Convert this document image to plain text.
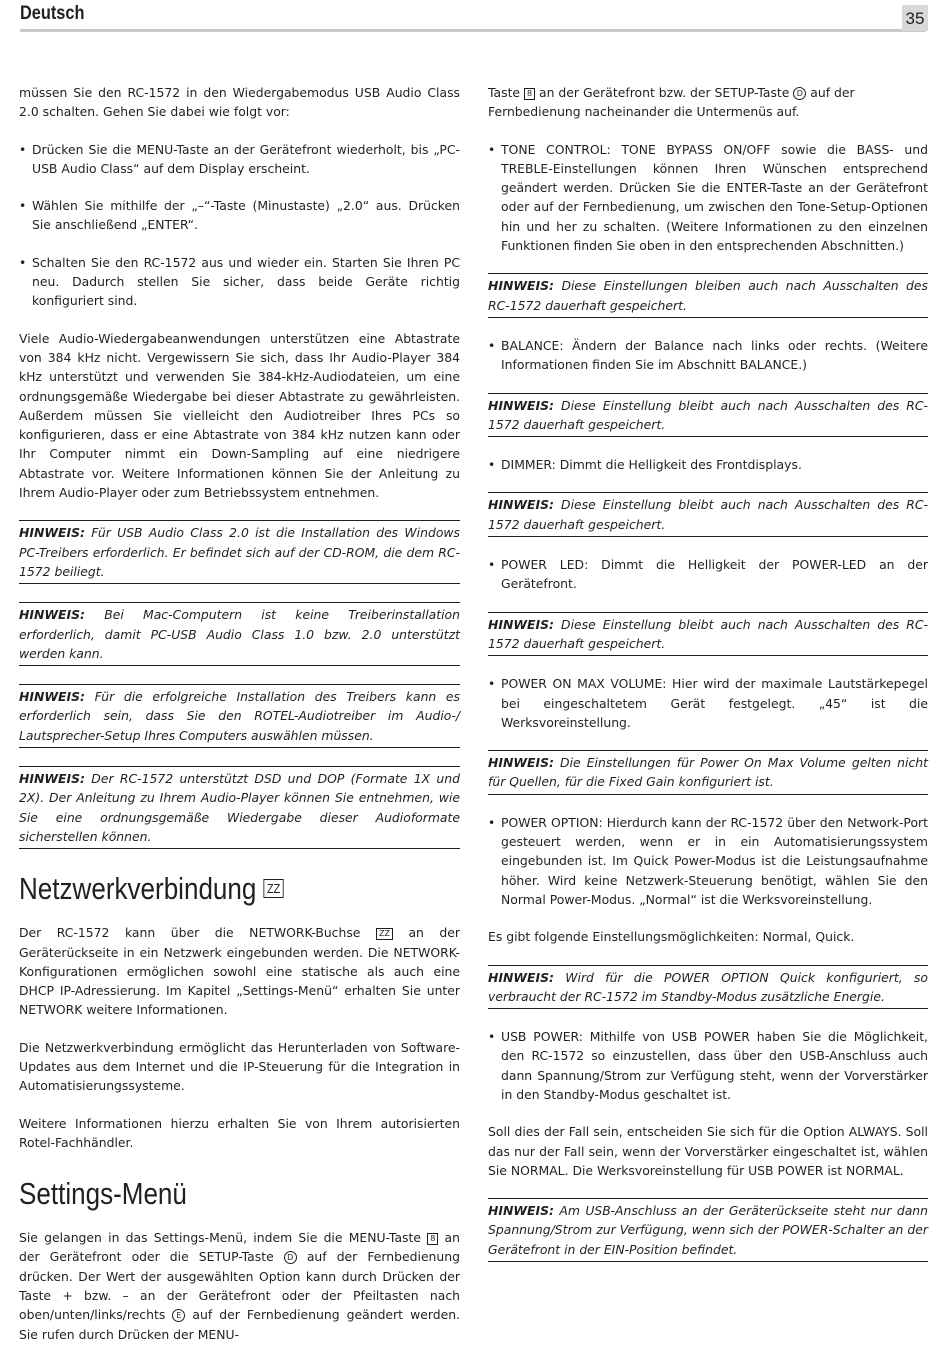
Deutsch	35

müssen Sie den RC-1572 in den Wiedergabemodus USB Audio Class 2.0 schalten. Gehen Sie dabei wie folgt vor:

• Drücken Sie die MENU-Taste an der Gerätefront wiederholt, bis „PC-USB Audio Class“ auf dem Display erscheint.
• Wählen Sie mithilfe der „–“-Taste (Minustaste) „2.0“ aus. Drücken Sie anschließend „ENTER“.
• Schalten Sie den RC-1572 aus und wieder ein. Starten Sie Ihren PC neu. Dadurch stellen Sie sicher, dass beide Geräte richtig konfiguriert sind.

Viele Audio-Wiedergabeanwendungen unterstützen eine Abtastrate von 384 kHz nicht. Vergewissern Sie sich, dass Ihr Audio-Player 384 kHz unterstützt und verwenden Sie 384-kHz-Audiodateien, um eine ordnungsgemäße Wiedergabe bei dieser Abtastrate zu gewährleisten. Außerdem müssen Sie vielleicht den Audiotreiber Ihres PCs so konfigurieren, dass er eine Abtastrate von 384 kHz nutzen kann oder Ihr Computer nimmt ein Down-Sampling auf eine niedrigere Abtastrate vor. Weitere Informationen können Sie der Anleitung zu Ihrem Audio-Player oder zum Betriebssystem entnehmen.

HINWEIS: Für USB Audio Class 2.0 ist die Installation des Windows PC-Treibers erforderlich. Er befindet sich auf der CD-ROM, die dem RC-1572 beiliegt.
HINWEIS: Bei Mac-Computern ist keine Treiberinstallation erforderlich, damit PC-USB Audio Class 1.0 bzw. 2.0 unterstützt werden kann.
HINWEIS: Für die erfolgreiche Installation des Treibers kann es erforderlich sein, dass Sie den ROTEL-Audiotreiber im Audio-/ Lautsprecher-Setup Ihres Computers auswählen müssen.
HINWEIS: Der RC-1572 unterstützt DSD und DOP (Formate 1X und 2X). Der Anleitung zu Ihrem Audio-Player können Sie entnehmen, wie Sie eine ordnungsgemäße Wiedergabe dieser Audioformate sicherstellen können.
Netzwerkverbindung ZZ

Der RC-1572 kann über die NETWORK-Buchse ZZ an der Geräterückseite in ein Netzwerk eingebunden werden. Die NETWORK-Konfigurationen ermöglichen sowohl eine statische als auch eine DHCP IP-Adressierung. Im Kapitel „Settings-Menü“ erhalten Sie unter NETWORK weitere Informationen.

Die Netzwerkverbindung ermöglicht das Herunterladen von Software-Updates aus dem Internet und die IP-Steuerung für die Integration in Automatisierungssysteme.

Weitere Informationen hierzu erhalten Sie von Ihrem autorisierten Rotel-Fachhändler.

Settings-Menü

Sie gelangen in das Settings-Menü, indem Sie die MENU-Taste 8 an der Gerätefront oder die SETUP-Taste D auf der Fernbedienung drücken. Der Wert der ausgewählten Option kann durch Drücken der Taste + bzw. – an der Gerätefront oder der Pfeiltasten nach oben/unten/links/rechts E auf der Fernbedienung geändert werden. Sie rufen durch Drücken der MENU-

Taste 8 an der Gerätefront bzw. der SETUP-Taste D auf der Fernbedienung nacheinander die Untermenüs auf.

• TONE CONTROL: TONE BYPASS ON/OFF sowie die BASS- und TREBLE-Einstellungen können Ihren Wünschen entsprechend geändert werden. Drücken Sie die ENTER-Taste an der Gerätefront oder auf der Fernbedienung, um zwischen den Tone-Setup-Optionen hin und her zu schalten. (Weitere Informationen zu den einzelnen Funktionen finden Sie oben in den entsprechenden Abschnitten.)
HINWEIS: Diese Einstellungen bleiben auch nach Ausschalten des RC-1572 dauerhaft gespeichert.
• BALANCE: Ändern der Balance nach links oder rechts. (Weitere Informationen finden Sie im Abschnitt BALANCE.)
HINWEIS: Diese Einstellung bleibt auch nach Ausschalten des RC-1572 dauerhaft gespeichert.
• DIMMER: Dimmt die Helligkeit des Frontdisplays.
HINWEIS: Diese Einstellung bleibt auch nach Ausschalten des RC-1572 dauerhaft gespeichert.
• POWER LED: Dimmt die Helligkeit der POWER-LED an der Gerätefront.
HINWEIS: Diese Einstellung bleibt auch nach Ausschalten des RC-1572 dauerhaft gespeichert.
• POWER ON MAX VOLUME: Hier wird der maximale Lautstärkepegel bei eingeschaltetem Gerät festgelegt. „45“ ist die Werksvoreinstellung.
HINWEIS: Die Einstellungen für Power On Max Volume gelten nicht für Quellen, für die Fixed Gain konfiguriert ist.
• POWER OPTION: Hierdurch kann der RC-1572 über den Network-Port gesteuert werden, wenn er in ein Automatisierungssystem eingebunden ist. Im Quick Power-Modus ist die Leistungsaufnahme höher. Wird keine Netzwerk-Steuerung benötigt, wählen Sie den Normal Power-Modus. „Normal“ ist die Werksvoreinstellung.

Es gibt folgende Einstellungsmöglichkeiten: Normal, Quick.

HINWEIS: Wird für die POWER OPTION Quick konfiguriert, so verbraucht der RC-1572 im Standby-Modus zusätzliche Energie.
• USB POWER: Mithilfe von USB POWER haben Sie die Möglichkeit, den RC-1572 so einzustellen, dass über den USB-Anschluss auch dann Spannung/Strom zur Verfügung steht, wenn der Vorverstärker in den Standby-Modus geschaltet ist.

Soll dies der Fall sein, entscheiden Sie sich für die Option ALWAYS. Soll das nur der Fall sein, wenn der Vorverstärker eingeschaltet ist, wählen Sie NORMAL. Die Werksvoreinstellung für USB POWER ist NORMAL.

HINWEIS: Am USB-Anschluss an der Geräterückseite steht nur dann Spannung/Strom zur Verfügung, wenn sich der POWER-Schalter an der Gerätefront in der EIN-Position befindet.
